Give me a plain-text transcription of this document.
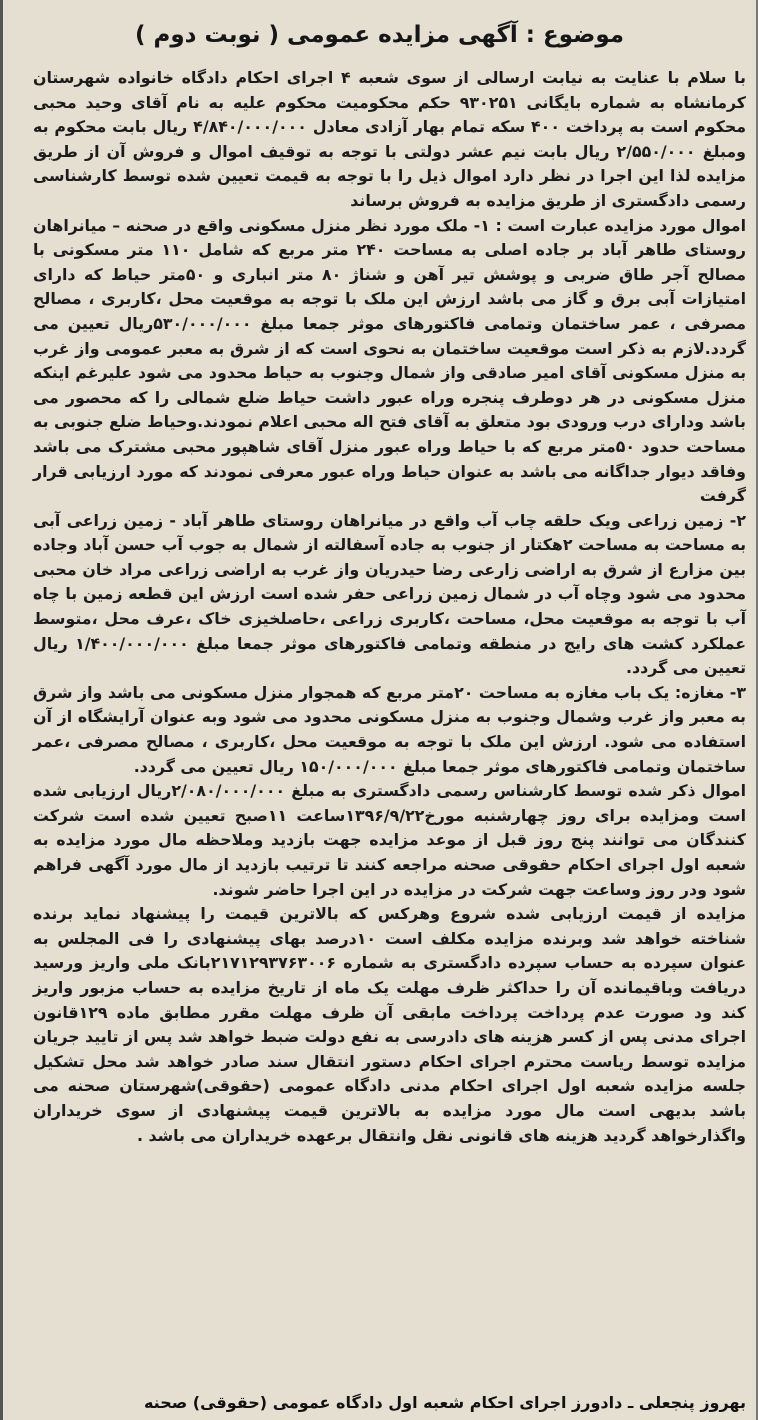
موضوع : آگهی مزایده عمومی ( نوبت دوم )

با سلام با عنایت به نیابت ارسالی از سوی شعبه ۴ اجرای احکام دادگاه خانواده شهرستان کرمانشاه به شماره بایگانی ۹۳۰۲۵۱ حکم محکومیت محکوم علیه به نام آقای وحید محبی محکوم است به پرداخت ۴۰۰ سکه تمام بهار آزادی معادل ۴/۸۴۰/۰۰۰/۰۰۰ ریال بابت محکوم به ومبلغ ۲/۵۵۰/۰۰۰ ریال بابت نیم عشر دولتی با توجه به توقیف اموال و فروش آن از طریق مزایده لذا این اجرا در نظر دارد اموال ذیل را با توجه به قیمت تعیین شده توسط کارشناسی رسمی دادگستری از طریق مزایده به فروش برساند

اموال مورد مزایده عبارت است : ۱- ملک مورد نظر منزل مسکونی واقع در صحنه – میانراهان روستای طاهر آباد بر جاده اصلی به مساحت ۲۴۰ متر مربع که شامل ۱۱۰ متر مسکونی با مصالح آجر طاق ضربی و پوشش تیر آهن و شناژ ۸۰ متر انباری و ۵۰متر حیاط که دارای امتیازات آبی برق و گاز می باشد ارزش این ملک با توجه به موقعیت محل ،کاربری ، مصالح مصرفی ، عمر ساختمان وتمامی فاکتورهای موثر جمعا مبلغ ۵۳۰/۰۰۰/۰۰۰ریال تعیین می گردد.لازم به ذکر است موقعیت ساختمان به نحوی است که از شرق به معبر عمومی واز غرب به منزل مسکونی آقای امیر صادقی واز شمال وجنوب به حیاط محدود می شود علیرغم اینکه منزل مسکونی در هر دوطرف پنجره وراه عبور داشت حیاط ضلع شمالی را که محصور می باشد ودارای درب ورودی بود متعلق به آقای فتح اله محبی اعلام نمودند.وحیاط ضلع جنوبی به مساحت حدود ۵۰متر مربع که با حیاط وراه عبور منزل آقای شاهپور محبی مشترک می باشد وفاقد دیوار جداگانه می باشد به عنوان حیاط وراه عبور معرفی نمودند که مورد ارزیابی قرار گرفت

۲- زمین زراعی ویک حلقه چاب آب واقع در میانراهان روستای طاهر آباد - زمین زراعی آبی به مساحت به مساحت ۲هکتار از جنوب به جاده آسفالته از شمال به جوب آب حسن آباد وجاده بین مزارع از شرق به اراضی زارعی رضا حیدریان واز غرب به اراضی زراعی مراد خان محبی محدود می شود وچاه آب در شمال زمین زراعی حفر شده است ارزش این قطعه زمین با چاه آب با توجه به موقعیت محل، مساحت ،کاربری زراعی ،حاصلخیزی خاک ،عرف محل ،متوسط عملکرد کشت های رایج در منطقه وتمامی فاکتورهای موثر جمعا مبلغ ۱/۴۰۰/۰۰۰/۰۰۰ ریال تعیین می گردد.

۳- مغازه: یک باب مغازه به مساحت ۲۰متر مربع که همجوار منزل مسکونی می باشد واز شرق به معبر واز غرب وشمال وجنوب به منزل مسکونی محدود می شود وبه عنوان آرایشگاه از آن استفاده می شود. ارزش این ملک با توجه به موقعیت محل ،کاربری ، مصالح مصرفی ،عمر ساختمان وتمامی فاکتورهای موثر جمعا مبلغ ۱۵۰/۰۰۰/۰۰۰ ریال تعیین می گردد.

اموال ذکر شده توسط کارشناس رسمی دادگستری به مبلغ ۲/۰۸۰/۰۰۰/۰۰۰ریال ارزیابی شده است ومزایده برای روز چهارشنبه مورخ۱۳۹۶/۹/۲۲ساعت ۱۱صبح تعیین شده است شرکت کنندگان می توانند پنج روز قبل از موعد مزایده جهت بازدید وملاحظه مال مورد مزایده به شعبه اول اجرای احکام حقوقی صحنه مراجعه کنند تا ترتیب بازدید از مال مورد آگهی فراهم شود ودر روز وساعت جهت شرکت در مزایده در این اجرا حاضر شوند.

مزایده از قیمت ارزیابی شده شروع وهرکس که بالاترین قیمت را پیشنهاد نماید برنده شناخته خواهد شد وبرنده مزایده مکلف است ۱۰درصد بهای پیشنهادی را فی المجلس به عنوان سپرده به حساب سپرده دادگستری به شماره ۲۱۷۱۲۹۳۷۶۳۰۰۶بانک ملی واریز ورسید دریافت وباقیمانده آن را حداکثر ظرف مهلت یک ماه از تاریخ مزایده به حساب مزبور واریز کند ود صورت عدم پرداخت پرداخت مابقی آن ظرف مهلت مقرر مطابق ماده ۱۲۹قانون اجرای مدنی پس از کسر هزینه های دادرسی به نفع دولت ضبط خواهد شد پس از تایید جریان مزایده توسط ریاست محترم اجرای احکام دستور انتقال سند صادر خواهد شد محل تشکیل جلسه مزایده شعبه اول اجرای احکام مدنی دادگاه عمومی (حقوقی)شهرستان صحنه می باشد بدیهی است مال مورد مزایده به بالاترین قیمت پیشنهادی از سوی خریداران واگذارخواهد گردید هزینه های قانونی نقل وانتقال برعهده خریداران می باشد .

بهروز پنجعلی ـ دادورز اجرای احکام شعبه اول دادگاه عمومی (حقوقی) صحنه
